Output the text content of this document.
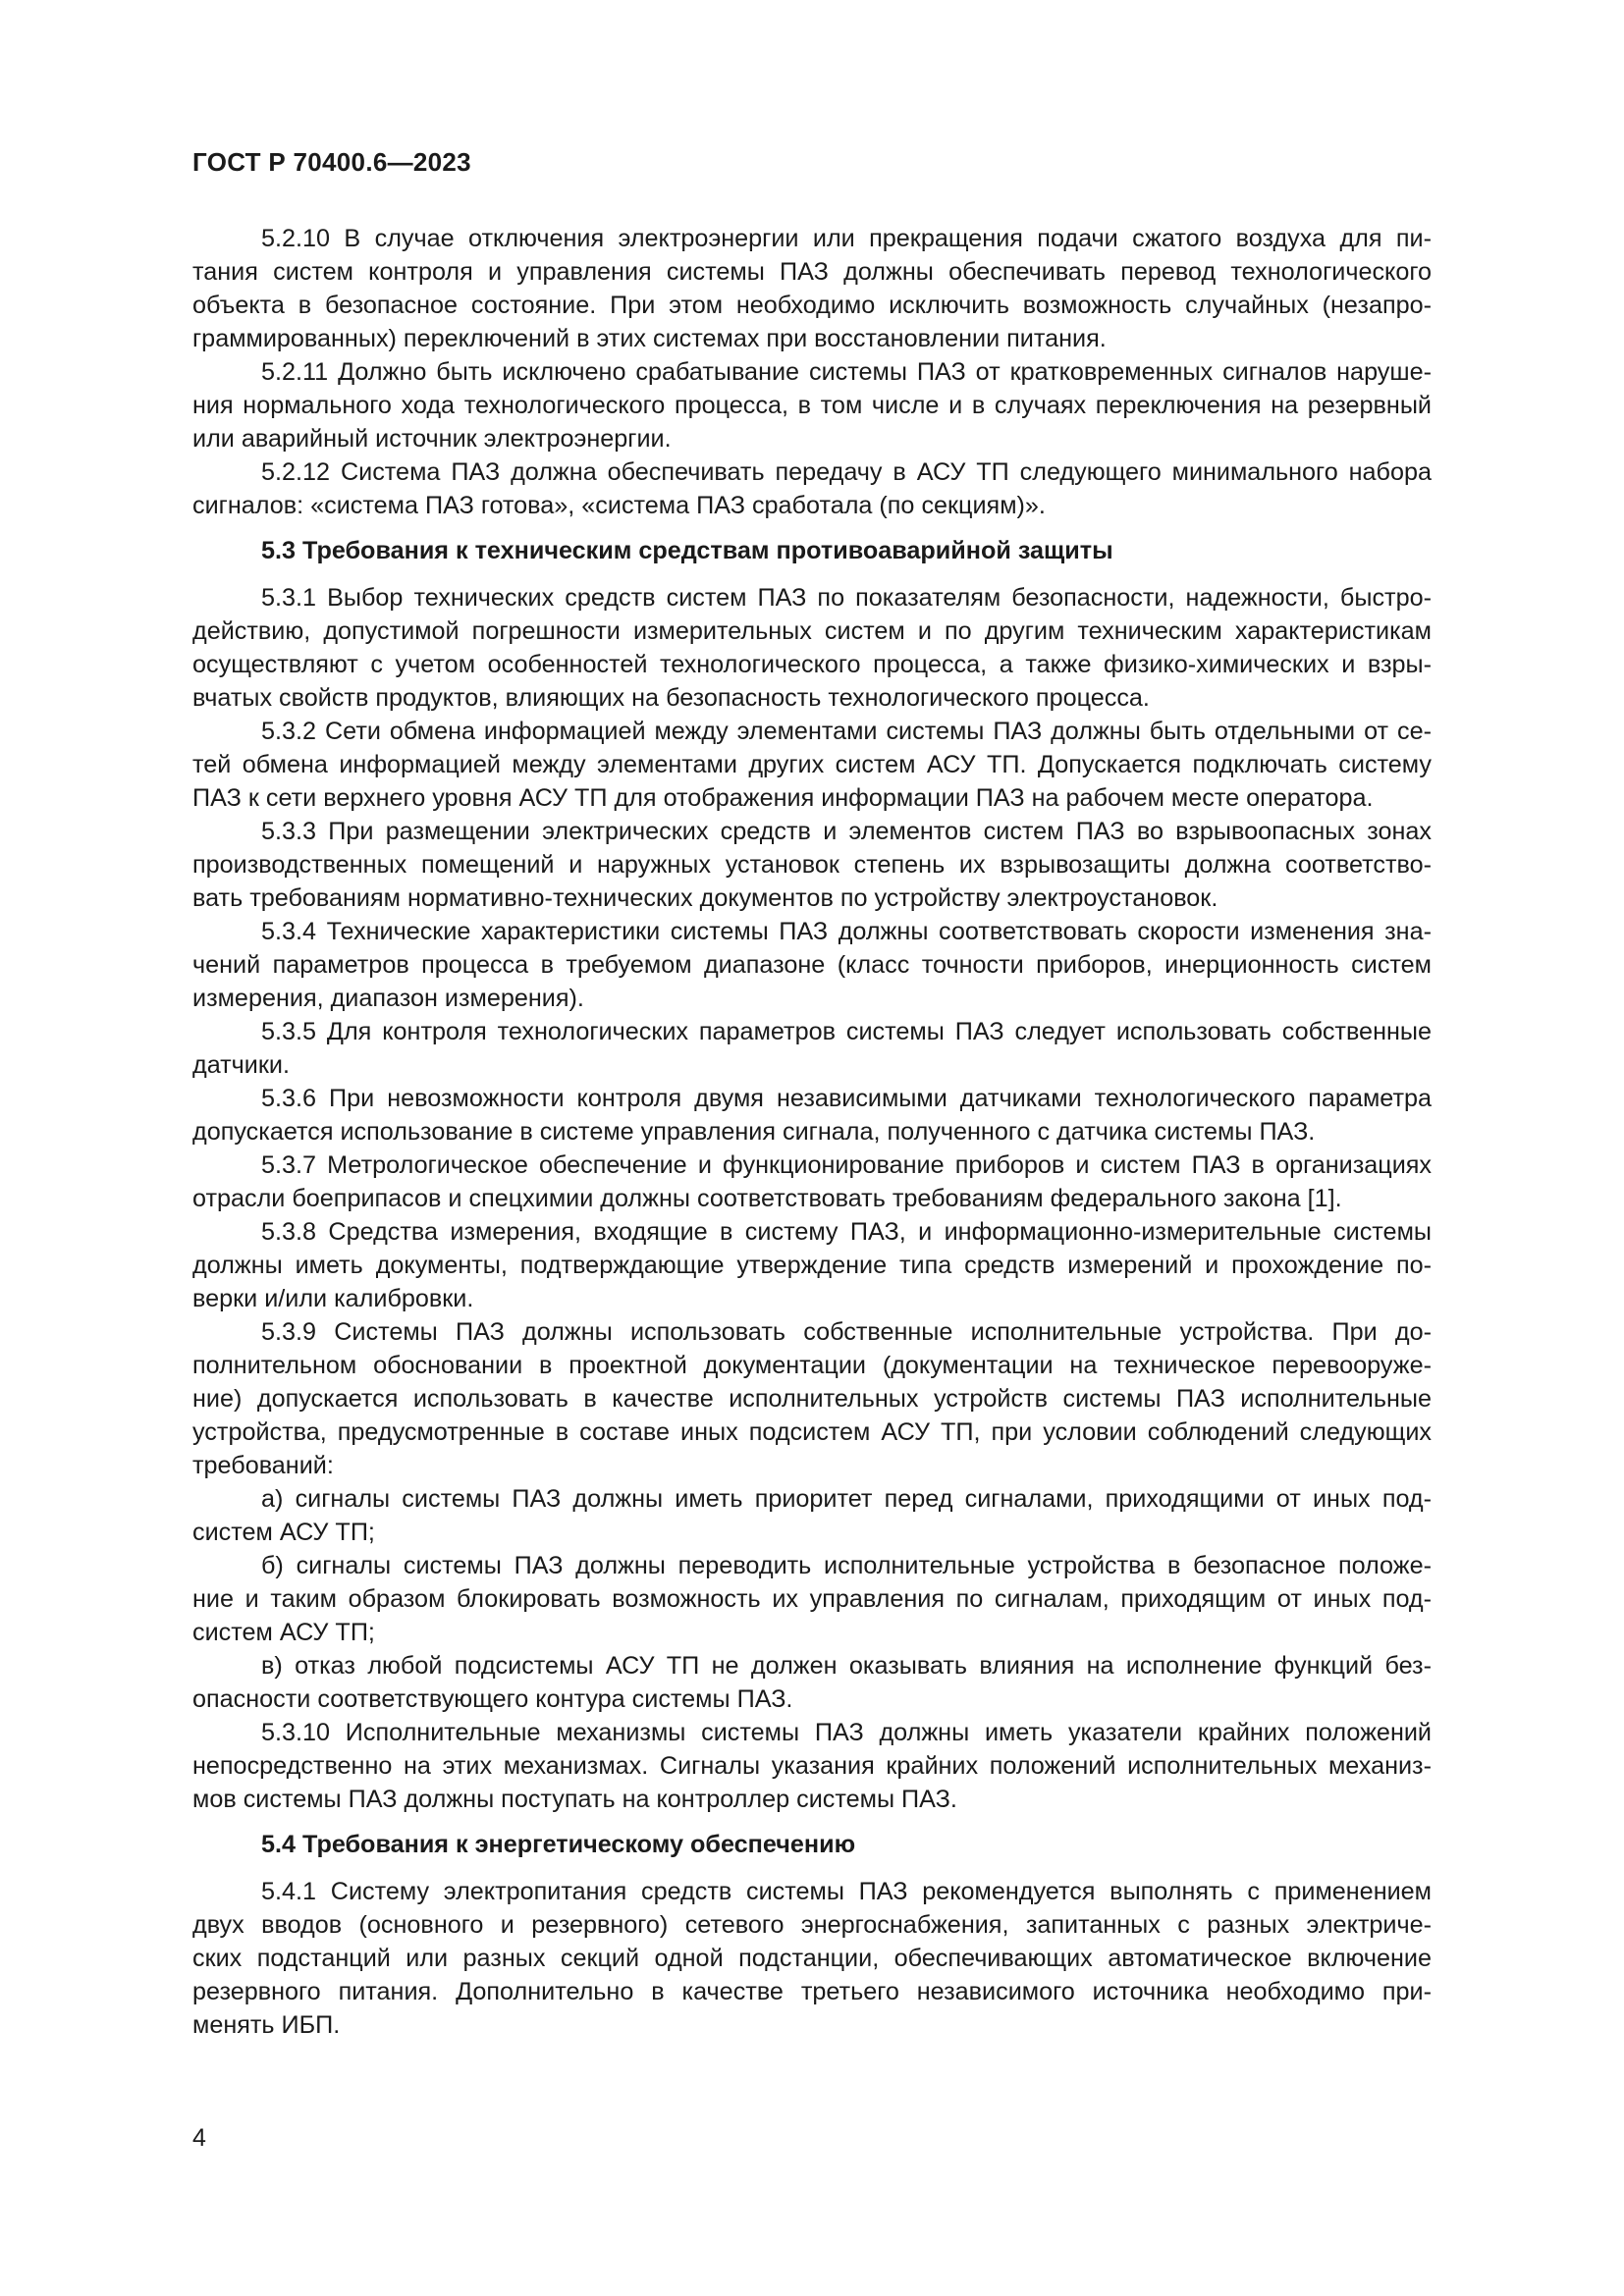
ГОСТ Р 70400.6—2023
5.2.10 В случае отключения электроэнергии или прекращения подачи сжатого воздуха для пи-
тания систем контроля и управления системы ПАЗ должны обеспечивать перевод технологического
объекта в безопасное состояние. При этом необходимо исключить возможность случайных (незапро-
граммированных) переключений в этих системах при восстановлении питания.
5.2.11 Должно быть исключено срабатывание системы ПАЗ от кратковременных сигналов наруше-
ния нормального хода технологического процесса, в том числе и в случаях переключения на резервный
или аварийный источник электроэнергии.
5.2.12 Система ПАЗ должна обеспечивать передачу в АСУ ТП следующего минимального набора
сигналов: «система ПАЗ готова», «система ПАЗ сработала (по секциям)».
5.3 Требования к техническим средствам противоаварийной защиты
5.3.1 Выбор технических средств систем ПАЗ по показателям безопасности, надежности, быстро-
действию, допустимой погрешности измерительных систем и по другим техническим характеристикам
осуществляют с учетом особенностей технологического процесса, а также физико-химических и взры-
вчатых свойств продуктов, влияющих на безопасность технологического процесса.
5.3.2 Сети обмена информацией между элементами системы ПАЗ должны быть отдельными от се-
тей обмена информацией между элементами других систем АСУ ТП. Допускается подключать систему
ПАЗ к сети верхнего уровня АСУ ТП для отображения информации ПАЗ на рабочем месте оператора.
5.3.3 При размещении электрических средств и элементов систем ПАЗ во взрывоопасных зонах
производственных помещений и наружных установок степень их взрывозащиты должна соответство-
вать требованиям нормативно-технических документов по устройству электроустановок.
5.3.4 Технические характеристики системы ПАЗ должны соответствовать скорости изменения зна-
чений параметров процесса в требуемом диапазоне (класс точности приборов, инерционность систем
измерения, диапазон измерения).
5.3.5 Для контроля технологических параметров системы ПАЗ следует использовать собственные
датчики.
5.3.6 При невозможности контроля двумя независимыми датчиками технологического параметра
допускается использование в системе управления сигнала, полученного с датчика системы ПАЗ.
5.3.7 Метрологическое обеспечение и функционирование приборов и систем ПАЗ в организациях
отрасли боеприпасов и спецхимии должны соответствовать требованиям федерального закона [1].
5.3.8 Средства измерения, входящие в систему ПАЗ, и информационно-измерительные системы
должны иметь документы, подтверждающие утверждение типа средств измерений и прохождение по-
верки и/или калибровки.
5.3.9 Системы ПАЗ должны использовать собственные исполнительные устройства. При до-
полнительном обосновании в проектной документации (документации на техническое перевооруже-
ние) допускается использовать в качестве исполнительных устройств системы ПАЗ исполнительные
устройства, предусмотренные в составе иных подсистем АСУ ТП, при условии соблюдений следующих
требований:
а) сигналы системы ПАЗ должны иметь приоритет перед сигналами, приходящими от иных под-
систем АСУ ТП;
б) сигналы системы ПАЗ должны переводить исполнительные устройства в безопасное положе-
ние и таким образом блокировать возможность их управления по сигналам, приходящим от иных под-
систем АСУ ТП;
в) отказ любой подсистемы АСУ ТП не должен оказывать влияния на исполнение функций без-
опасности соответствующего контура системы ПАЗ.
5.3.10 Исполнительные механизмы системы ПАЗ должны иметь указатели крайних положений
непосредственно на этих механизмах. Сигналы указания крайних положений исполнительных механиз-
мов системы ПАЗ должны поступать на контроллер системы ПАЗ.
5.4 Требования к энергетическому обеспечению
5.4.1 Систему электропитания средств системы ПАЗ рекомендуется выполнять с применением
двух вводов (основного и резервного) сетевого энергоснабжения, запитанных с разных электриче-
ских подстанций или разных секций одной подстанции, обеспечивающих автоматическое включение
резервного питания. Дополнительно в качестве третьего независимого источника необходимо при-
менять ИБП.
4
